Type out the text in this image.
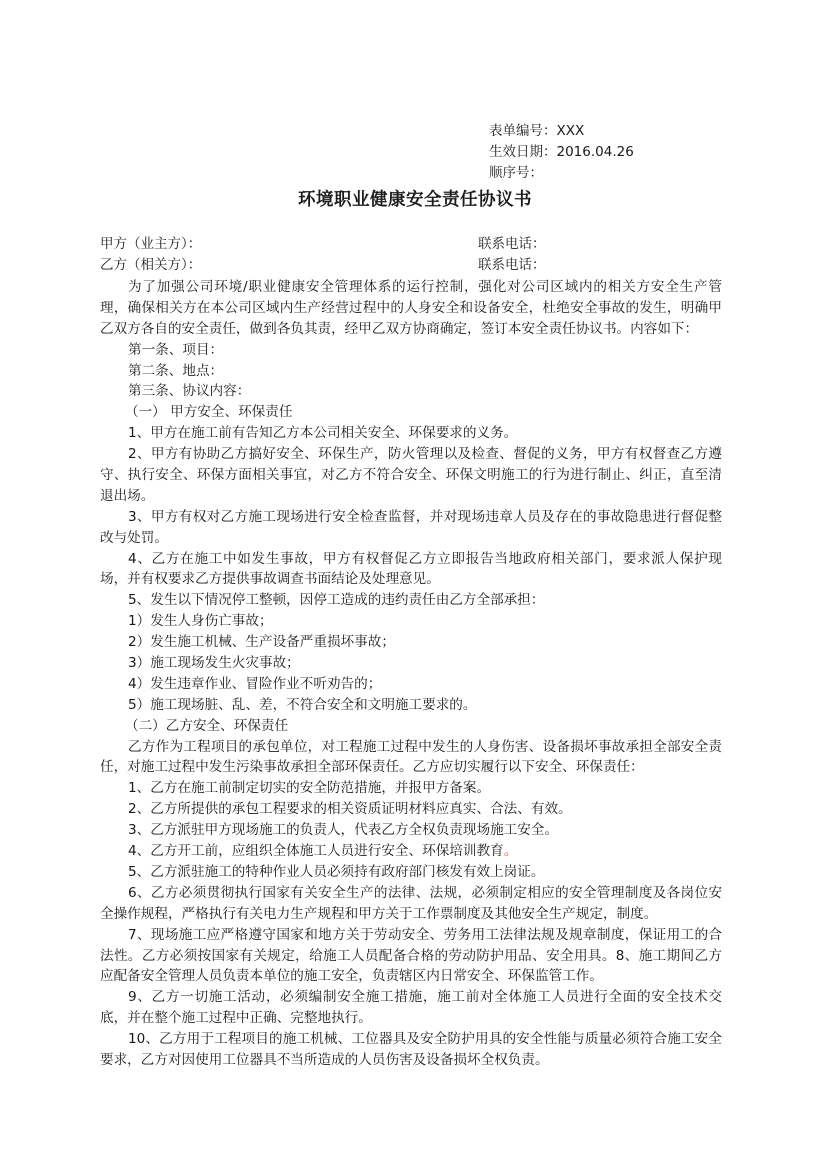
表单编号：XXX
生效日期：2016.04.26
顺序号：
环境职业健康安全责任协议书
甲方（业主方）：	联系电话：
乙方（相关方）：	联系电话：
为了加强公司环境/职业健康安全管理体系的运行控制，强化对公司区域内的相关方安全生产管
理，确保相关方在本公司区域内生产经营过程中的人身安全和设备安全，杜绝安全事故的发生，明确甲
乙双方各自的安全责任，做到各负其责，经甲乙双方协商确定，签订本安全责任协议书。内容如下：
第一条、项目：
第二条、地点：
第三条、协议内容：
（一） 甲方安全、环保责任
1、甲方在施工前有告知乙方本公司相关安全、环保要求的义务。
2、甲方有协助乙方搞好安全、环保生产，防火管理以及检查、督促的义务，甲方有权督查乙方遵
守、执行安全、环保方面相关事宜，对乙方不符合安全、环保文明施工的行为进行制止、纠正，直至清
退出场。
3、甲方有权对乙方施工现场进行安全检查监督，并对现场违章人员及存在的事故隐患进行督促整
改与处罚。
4、乙方在施工中如发生事故，甲方有权督促乙方立即报告当地政府相关部门，要求派人保护现
场，并有权要求乙方提供事故调查书面结论及处理意见。
5、发生以下情况停工整顿，因停工造成的违约责任由乙方全部承担：
1）发生人身伤亡事故；
2）发生施工机械、生产设备严重损坏事故；
3）施工现场发生火灾事故；
4）发生违章作业、冒险作业不听劝告的；
5）施工现场脏、乱、差，不符合安全和文明施工要求的。
（二）乙方安全、环保责任
乙方作为工程项目的承包单位，对工程施工过程中发生的人身伤害、设备损坏事故承担全部安全责
任，对施工过程中发生污染事故承担全部环保责任。乙方应切实履行以下安全、环保责任：
1、乙方在施工前制定切实的安全防范措施，并报甲方备案。
2、乙方所提供的承包工程要求的相关资质证明材料应真实、合法、有效。
3、乙方派驻甲方现场施工的负责人，代表乙方全权负责现场施工安全。
4、乙方开工前，应组织全体施工人员进行安全、环保培训教育。
5、乙方派驻施工的特种作业人员必须持有政府部门核发有效上岗证。
6、乙方必须贯彻执行国家有关安全生产的法律、法规，必须制定相应的安全管理制度及各岗位安
全操作规程，严格执行有关电力生产规程和甲方关于工作票制度及其他安全生产规定，制度。
7、现场施工应严格遵守国家和地方关于劳动安全、劳务用工法律法规及规章制度，保证用工的合
法性。乙方必须按国家有关规定，给施工人员配备合格的劳动防护用品、安全用具。8、施工期间乙方
应配备安全管理人员负责本单位的施工安全，负责辖区内日常安全、环保监管工作。
9、乙方一切施工活动，必须编制安全施工措施，施工前对全体施工人员进行全面的安全技术交
底，并在整个施工过程中正确、完整地执行。
10、乙方用于工程项目的施工机械、工位器具及安全防护用具的安全性能与质量必须符合施工安全
要求，乙方对因使用工位器具不当所造成的人员伤害及设备损坏全权负责。
